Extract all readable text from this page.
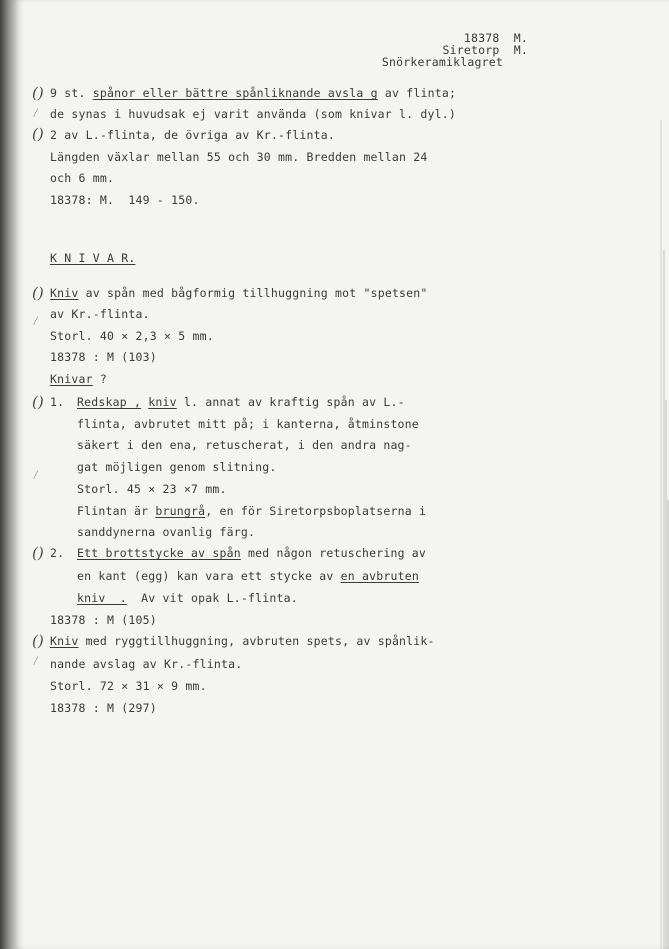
18378  M.
Siretorp  M.
Snörkeramiklagret
()
()
()
()
()
()
/
/
/
/
9 st. spånor eller bättre spånliknande avsla g av flinta;
de synas i huvudsak ej varit använda (som knivar l. dyl.)
2 av L.-flinta, de övriga av Kr.-flinta.
Längden växlar mellan 55 och 30 mm. Bredden mellan 24
och 6 mm.
18378: M.  149 - 150.
K N I V A R.
Kniv av spån med bågformig tillhuggning mot "spetsen"
av Kr.-flinta.
Storl. 40 × 2,3 × 5 mm.
18378 : M (103)
Knivar ?
1. Redskap , kniv l. annat av kraftig spån av L.-
flinta, avbrutet mitt på; i kanterna, åtminstone
säkert i den ena, retuscherat, i den andra nag-
gat möjligen genom slitning.
Storl. 45 × 23 ×7 mm.
Flintan är brungrå, en för Siretorpsboplatserna i
sanddynerna ovanlig färg.
2. Ett brottstycke av spån med någon retuschering av
en kant (egg) kan vara ett stycke av en avbruten
kniv  .  Av vit opak L.-flinta.
18378 : M (105)
Kniv med ryggtillhuggning, avbruten spets, av spånlik-
nande avslag av Kr.-flinta.
Storl. 72 × 31 × 9 mm.
18378 : M (297)
